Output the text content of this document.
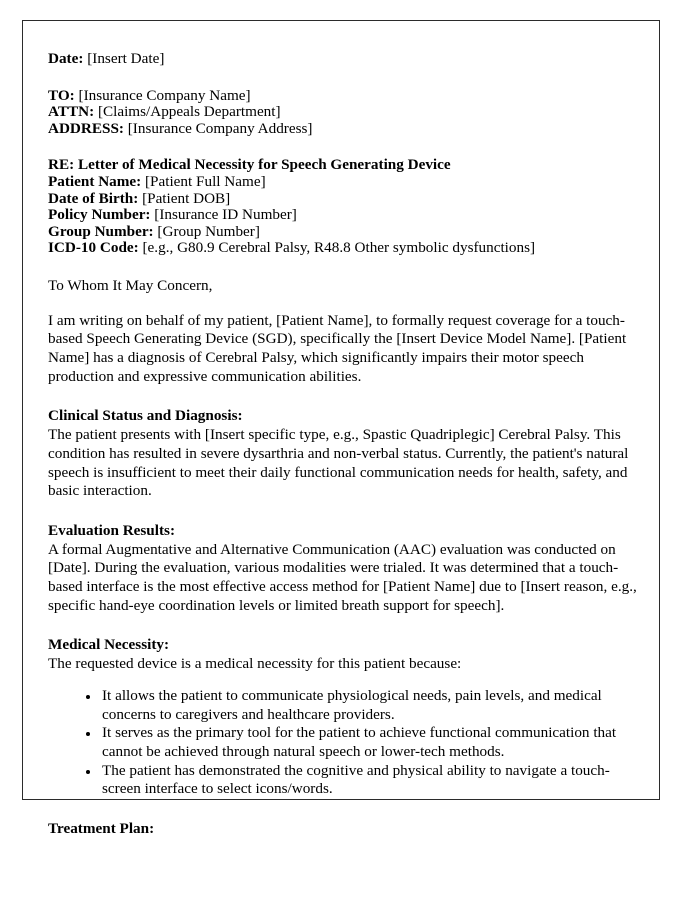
Date: [Insert Date]
TO: [Insurance Company Name]
ATTN: [Claims/Appeals Department]
ADDRESS: [Insurance Company Address]
RE: Letter of Medical Necessity for Speech Generating Device
Patient Name: [Patient Full Name]
Date of Birth: [Patient DOB]
Policy Number: [Insurance ID Number]
Group Number: [Group Number]
ICD-10 Code: [e.g., G80.9 Cerebral Palsy, R48.8 Other symbolic dysfunctions]
To Whom It May Concern,

I am writing on behalf of my patient, [Patient Name], to formally request coverage for a touch-based Speech Generating Device (SGD), specifically the [Insert Device Model Name]. [Patient Name] has a diagnosis of Cerebral Palsy, which significantly impairs their motor speech production and expressive communication abilities.

Clinical Status and Diagnosis:

The patient presents with [Insert specific type, e.g., Spastic Quadriplegic] Cerebral Palsy. This condition has resulted in severe dysarthria and non-verbal status. Currently, the patient's natural speech is insufficient to meet their daily functional communication needs for health, safety, and basic interaction.

Evaluation Results:

A formal Augmentative and Alternative Communication (AAC) evaluation was conducted on [Date]. During the evaluation, various modalities were trialed. It was determined that a touch-based interface is the most effective access method for [Patient Name] due to [Insert reason, e.g., specific hand-eye coordination levels or limited breath support for speech].

Medical Necessity:

The requested device is a medical necessity for this patient because:

• It allows the patient to communicate physiological needs, pain levels, and medical concerns to caregivers and healthcare providers.
• It serves as the primary tool for the patient to achieve functional communication that cannot be achieved through natural speech or lower-tech methods.
• The patient has demonstrated the cognitive and physical ability to navigate a touch-screen interface to select icons/words.
Treatment Plan:
